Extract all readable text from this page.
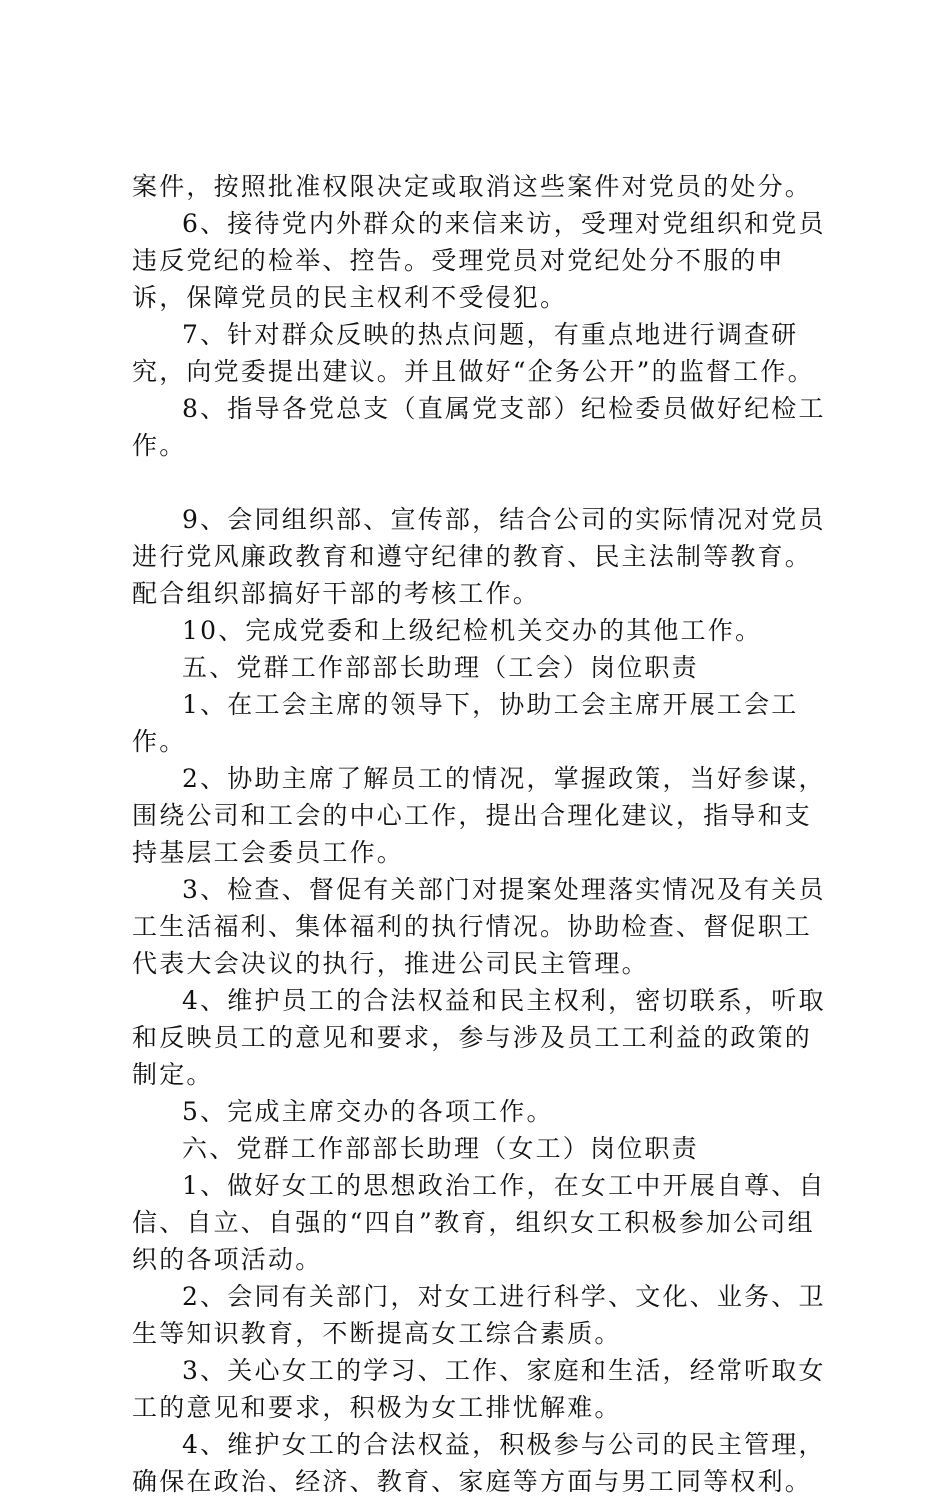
案件，按照批准权限决定或取消这些案件对党员的处分。

6、接待党内外群众的来信来访，受理对党组织和党员违反党纪的检举、控告。受理党员对党纪处分不服的申诉，保障党员的民主权利不受侵犯。

7、针对群众反映的热点问题，有重点地进行调查研究，向党委提出建议。并且做好“企务公开”的监督工作。

8、指导各党总支（直属党支部）纪检委员做好纪检工作。

9、会同组织部、宣传部，结合公司的实际情况对党员进行党风廉政教育和遵守纪律的教育、民主法制等教育。配合组织部搞好干部的考核工作。

10、完成党委和上级纪检机关交办的其他工作。

五、党群工作部部长助理（工会）岗位职责

1、在工会主席的领导下，协助工会主席开展工会工作。

2、协助主席了解员工的情况，掌握政策，当好参谋，围绕公司和工会的中心工作，提出合理化建议，指导和支持基层工会委员工作。

3、检查、督促有关部门对提案处理落实情况及有关员工生活福利、集体福利的执行情况。协助检查、督促职工代表大会决议的执行，推进公司民主管理。

4、维护员工的合法权益和民主权利，密切联系，听取和反映员工的意见和要求，参与涉及员工工利益的政策的制定。

5、完成主席交办的各项工作。

六、党群工作部部长助理（女工）岗位职责

1、做好女工的思想政治工作，在女工中开展自尊、自信、自立、自强的“四自”教育，组织女工积极参加公司组织的各项活动。

2、会同有关部门，对女工进行科学、文化、业务、卫生等知识教育，不断提高女工综合素质。

3、关心女工的学习、工作、家庭和生活，经常听取女工的意见和要求，积极为女工排忧解难。

4、维护女工的合法权益，积极参与公司的民主管理，确保在政治、经济、教育、家庭等方面与男工同等权利。
